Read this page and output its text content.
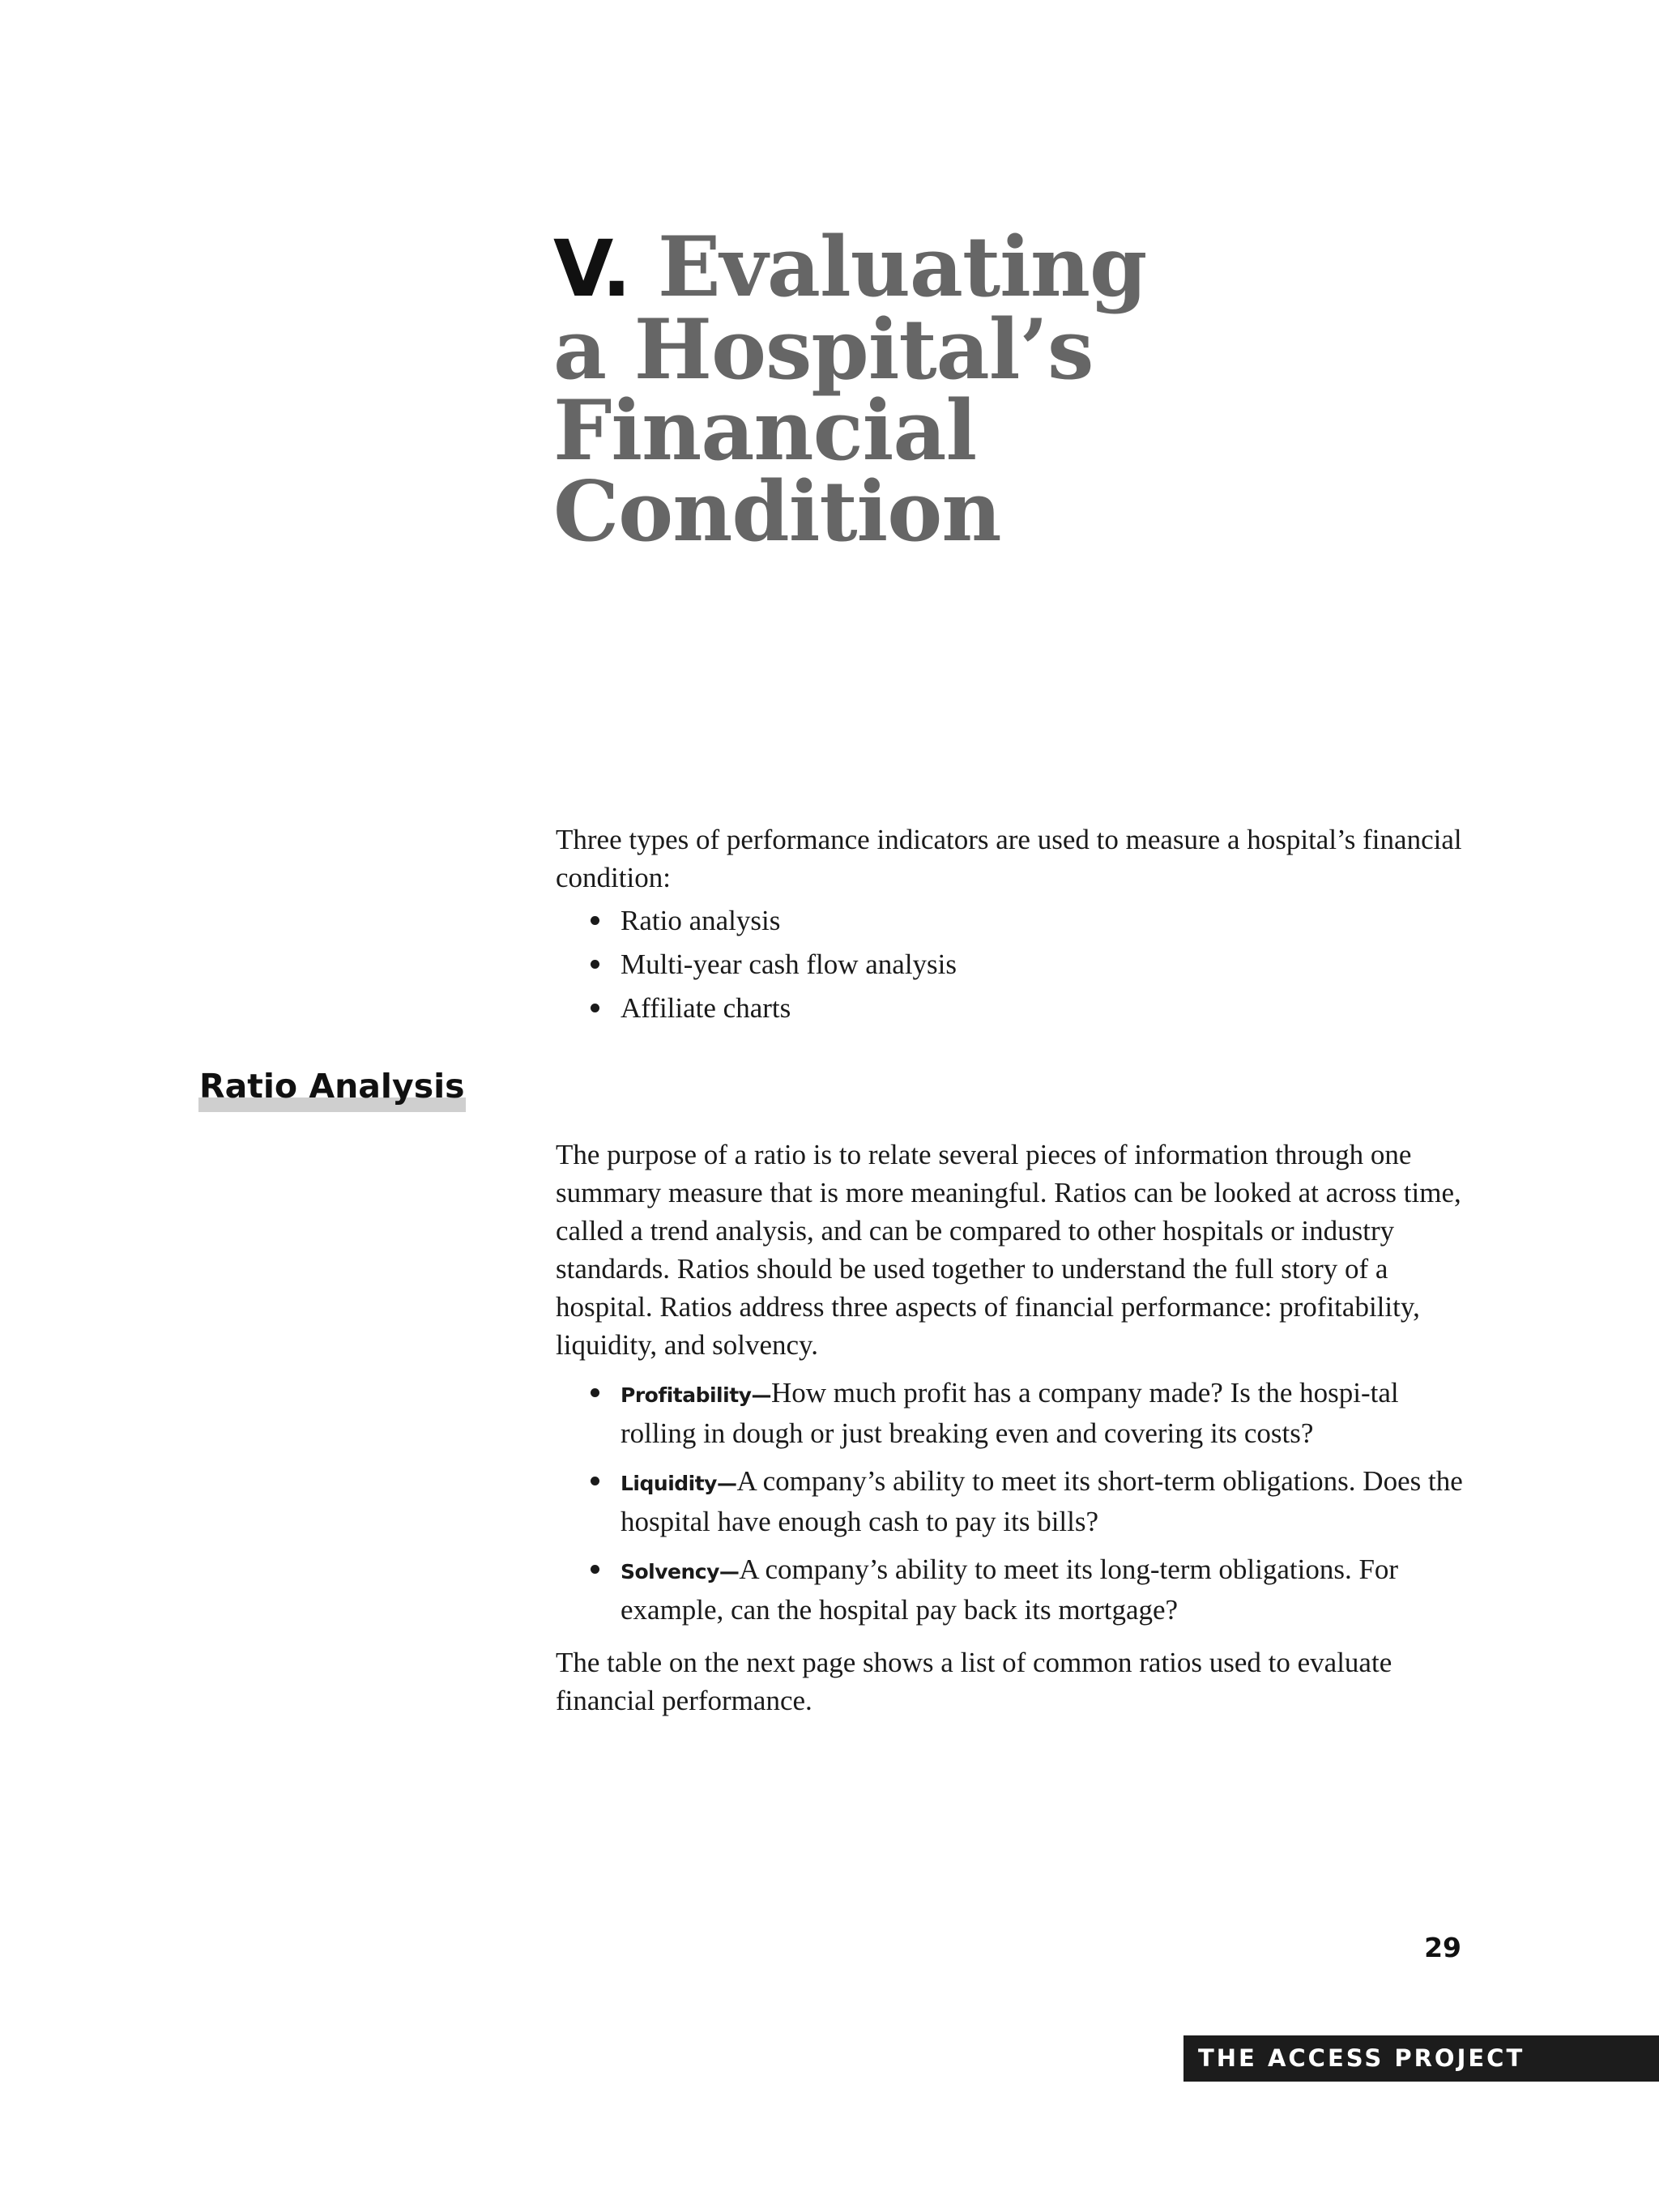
V. Evaluating
a Hospital’s
Financial
Condition

Three types of performance indicators are used to measure a hospital’s financial condition:

Ratio analysis
Multi-year cash flow analysis
Affiliate charts
Ratio Analysis

The purpose of a ratio is to relate several pieces of information through one summary measure that is more meaningful. Ratios can be looked at across time, called a trend analysis, and can be compared to other hospitals or industry standards. Ratios should be used together to understand the full story of a hospital. Ratios address three aspects of financial performance: profitability, liquidity, and solvency.

Profitability—How much profit has a company made? Is the hospi-tal rolling in dough or just breaking even and covering its costs?
Liquidity—A company’s ability to meet its short-term obligations. Does the hospital have enough cash to pay its bills?
Solvency—A company’s ability to meet its long-term obligations. For example, can the hospital pay back its mortgage?

The table on the next page shows a list of common ratios used to evaluate financial performance.

29
THE ACCESS PROJECT
